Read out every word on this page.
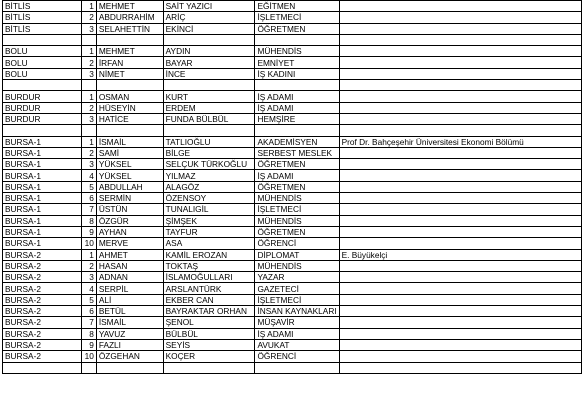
BİTLİS	1	MEHMET	SAİT YAZICI	EĞİTMEN	
BİTLİS	2	ABDURRAHİM	ARİÇ	İŞLETMECİ	
BİTLİS	3	SELAHETTİN	EKİNCİ	ÖĞRETMEN	

BOLU	1	MEHMET	AYDIN	MÜHENDİS	
BOLU	2	İRFAN	BAYAR	EMNİYET	
BOLU	3	NİMET	İNCE	İŞ KADINI	

BURDUR	1	OSMAN	KURT	İŞ ADAMI	
BURDUR	2	HÜSEYİN	ERDEM	İŞ ADAMI	
BURDUR	3	HATİCE	FUNDA BÜLBÜL	HEMŞİRE	

BURSA-1	1	İSMAİL	TATLIOĞLU	AKADEMİSYEN	Prof Dr. Bahçeşehir Üniversitesi Ekonomi Bölümü
BURSA-1	2	SAMİ	BİLGE	SERBEST MESLEK	
BURSA-1	3	YÜKSEL	SELÇUK TÜRKOĞLU	ÖĞRETMEN	
BURSA-1	4	YÜKSEL	YILMAZ	İŞ ADAMI	
BURSA-1	5	ABDULLAH	ALAGÖZ	ÖĞRETMEN	
BURSA-1	6	SERMİN	ÖZENSOY	MÜHENDİS	
BURSA-1	7	ÜSTÜN	TUNALIGİL	İŞLETMECİ	
BURSA-1	8	ÖZGÜR	ŞİMŞEK	MÜHENDİS	
BURSA-1	9	AYHAN	TAYFUR	ÖĞRETMEN	
BURSA-1	10	MERVE	ASA	ÖĞRENCİ	
BURSA-2	1	AHMET	KAMİL EROZAN	DİPLOMAT	E. Büyükelçi
BURSA-2	2	HASAN	TOKTAŞ	MÜHENDİS	
BURSA-2	3	ADNAN	İSLAMOĞULLARI	YAZAR	
BURSA-2	4	SERPİL	ARSLANTÜRK	GAZETECİ	
BURSA-2	5	ALİ	EKBER CAN	İŞLETMECİ	
BURSA-2	6	BETÜL	BAYRAKTAR ORHAN	İNSAN KAYNAKLARI	
BURSA-2	7	İSMAİL	ŞENOL	MÜŞAVİR	
BURSA-2	8	YAVUZ	BÜLBÜL	İŞ ADAMI	
BURSA-2	9	FAZLI	SEYİS	AVUKAT	
BURSA-2	10	ÖZGEHAN	KOÇER	ÖĞRENCİ	
